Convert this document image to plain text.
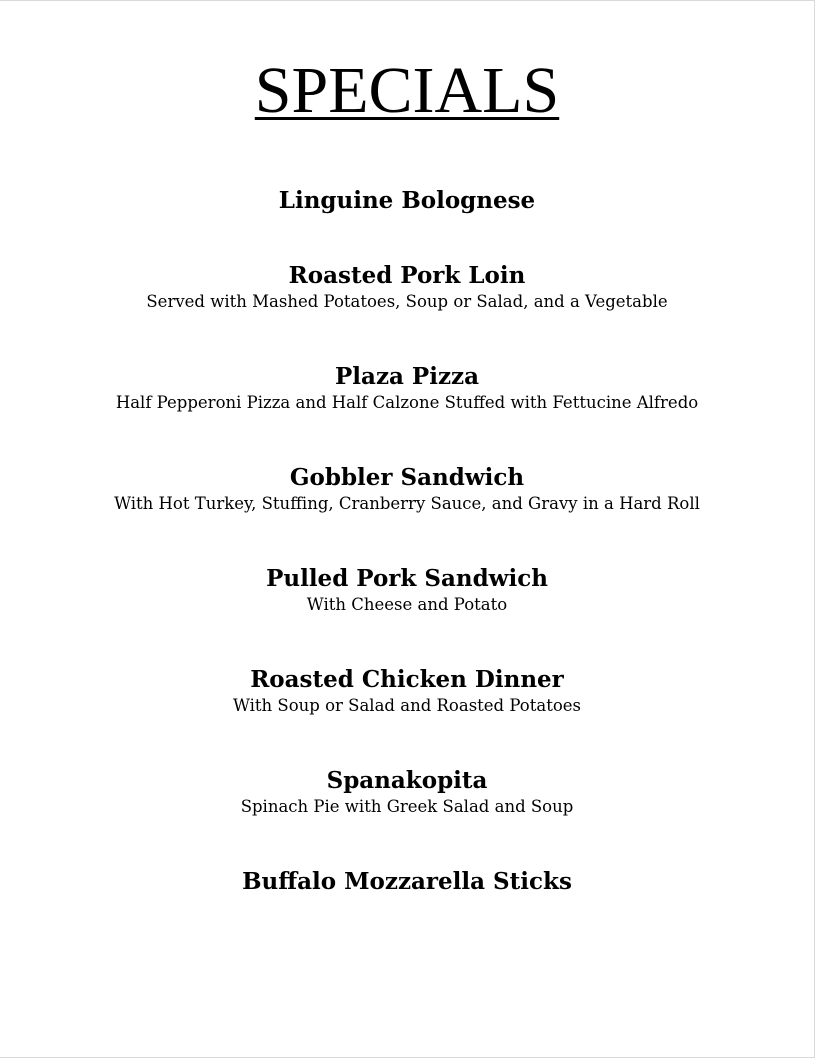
SPECIALS
Linguine Bolognese
Roasted Pork Loin
Served with Mashed Potatoes, Soup or Salad, and a Vegetable
Plaza Pizza
Half Pepperoni Pizza and Half Calzone Stuffed with Fettucine Alfredo
Gobbler Sandwich
With Hot Turkey, Stuffing, Cranberry Sauce, and Gravy in a Hard Roll
Pulled Pork Sandwich
With Cheese and Potato
Roasted Chicken Dinner
With Soup or Salad and Roasted Potatoes
Spanakopita
Spinach Pie with Greek Salad and Soup
Buffalo Mozzarella Sticks
